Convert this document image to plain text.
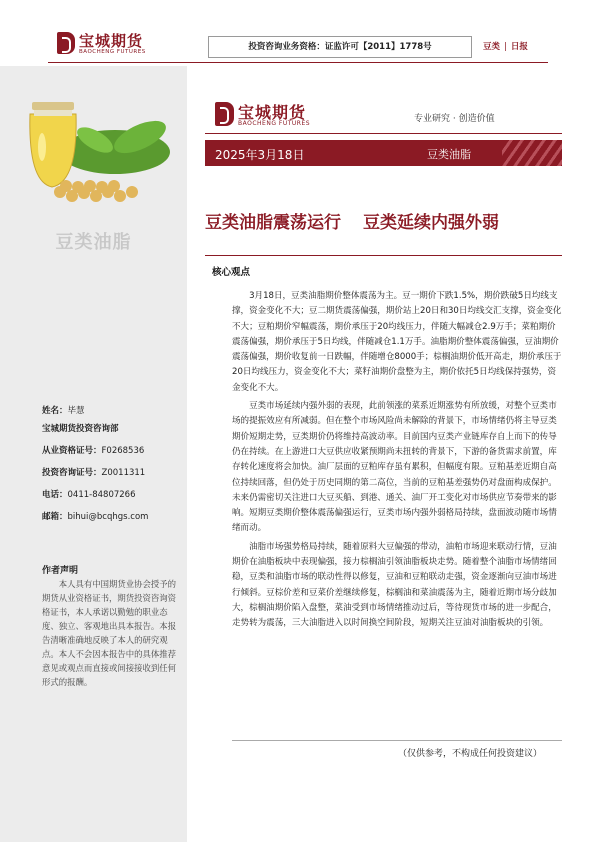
宝城期货
BAOCHENG FUTURES	投资咨询业务资格：证监许可【2011】1778号	豆类 | 日报
豆类油脂
姓名：毕慧
宝城期货投资咨询部
从业资格证号：F0268536
投资咨询证号：Z0011311
电话：0411-84807266
邮箱：bihui@bcqhgs.com
作者声明
本人具有中国期货业协会授予的期货从业资格证书，期货投资咨询资格证书，本人承诺以勤勉的职业态度、独立、客观地出具本报告。本报告清晰准确地反映了本人的研究观点。本人不会因本报告中的具体推荐意见或观点而直接或间接接收到任何形式的报酬。
宝城期货
BAOCHENG FUTURES	专业研究 · 创造价值
2025年3月18日	豆类油脂
豆类油脂震荡运行 豆类延续内强外弱
核心观点

3月18日，豆类油脂期价整体震荡为主。豆一期价下跌1.5%，期价跌破5日均线支撑，资金变化不大；豆二期货震荡偏强，期价站上20日和30日均线交汇支撑，资金变化不大；豆粕期价窄幅震荡，期价承压于20均线压力，伴随大幅减仓2.9万手；菜粕期价震荡偏强，期价承压于5日均线，伴随减仓1.1万手。油脂期价整体震荡偏强，豆油期价震荡偏强，期价收复前一日跌幅，伴随增仓8000手；棕榈油期价低开高走，期价承压于20日均线压力，资金变化不大；菜籽油期价盘整为主，期价依托5日均线保持强势，资金变化不大。

豆类市场延续内强外弱的表现，此前领涨的菜系近期涨势有所放缓，对整个豆类市场的提振效应有所减弱。但在整个市场风险尚未解除的背景下，市场情绪仍将主导豆类期价短期走势，豆类期价仍将维持高波动率。目前国内豆类产业链库存自上而下的传导仍在持续。在上游进口大豆供应收紧预期尚未扭转的背景下，下游的备货需求前置，库存转化速度将会加快。油厂层面的豆粕库存虽有累积，但幅度有限。豆粕基差近期自高位持续回落，但仍处于历史同期的第二高位，当前的豆粕基差强势仍对盘面构成保护。未来仍需密切关注进口大豆买船、到港、通关、油厂开工变化对市场供应节奏带来的影响。短期豆类期价整体震荡偏强运行，豆类市场内强外弱格局持续，盘面波动随市场情绪而动。

油脂市场强势格局持续，随着原料大豆偏强的带动，油粕市场迎来联动行情，豆油期价在油脂板块中表现偏强，接力棕榈油引领油脂板块走势。随着整个油脂市场情绪回稳，豆类和油脂市场的联动性得以修复，豆油和豆粕联动走强，资金逐渐向豆油市场进行倾斜。豆棕价差和豆菜价差继续修复，棕榈油和菜油震荡为主，随着近期市场分歧加大，棕榈油期价陷入盘整，菜油受到市场情绪推动过后，等待现货市场的进一步配合，走势转为震荡，三大油脂进入以时间换空间阶段，短期关注豆油对油脂板块的引领。

（仅供参考，不构成任何投资建议）
